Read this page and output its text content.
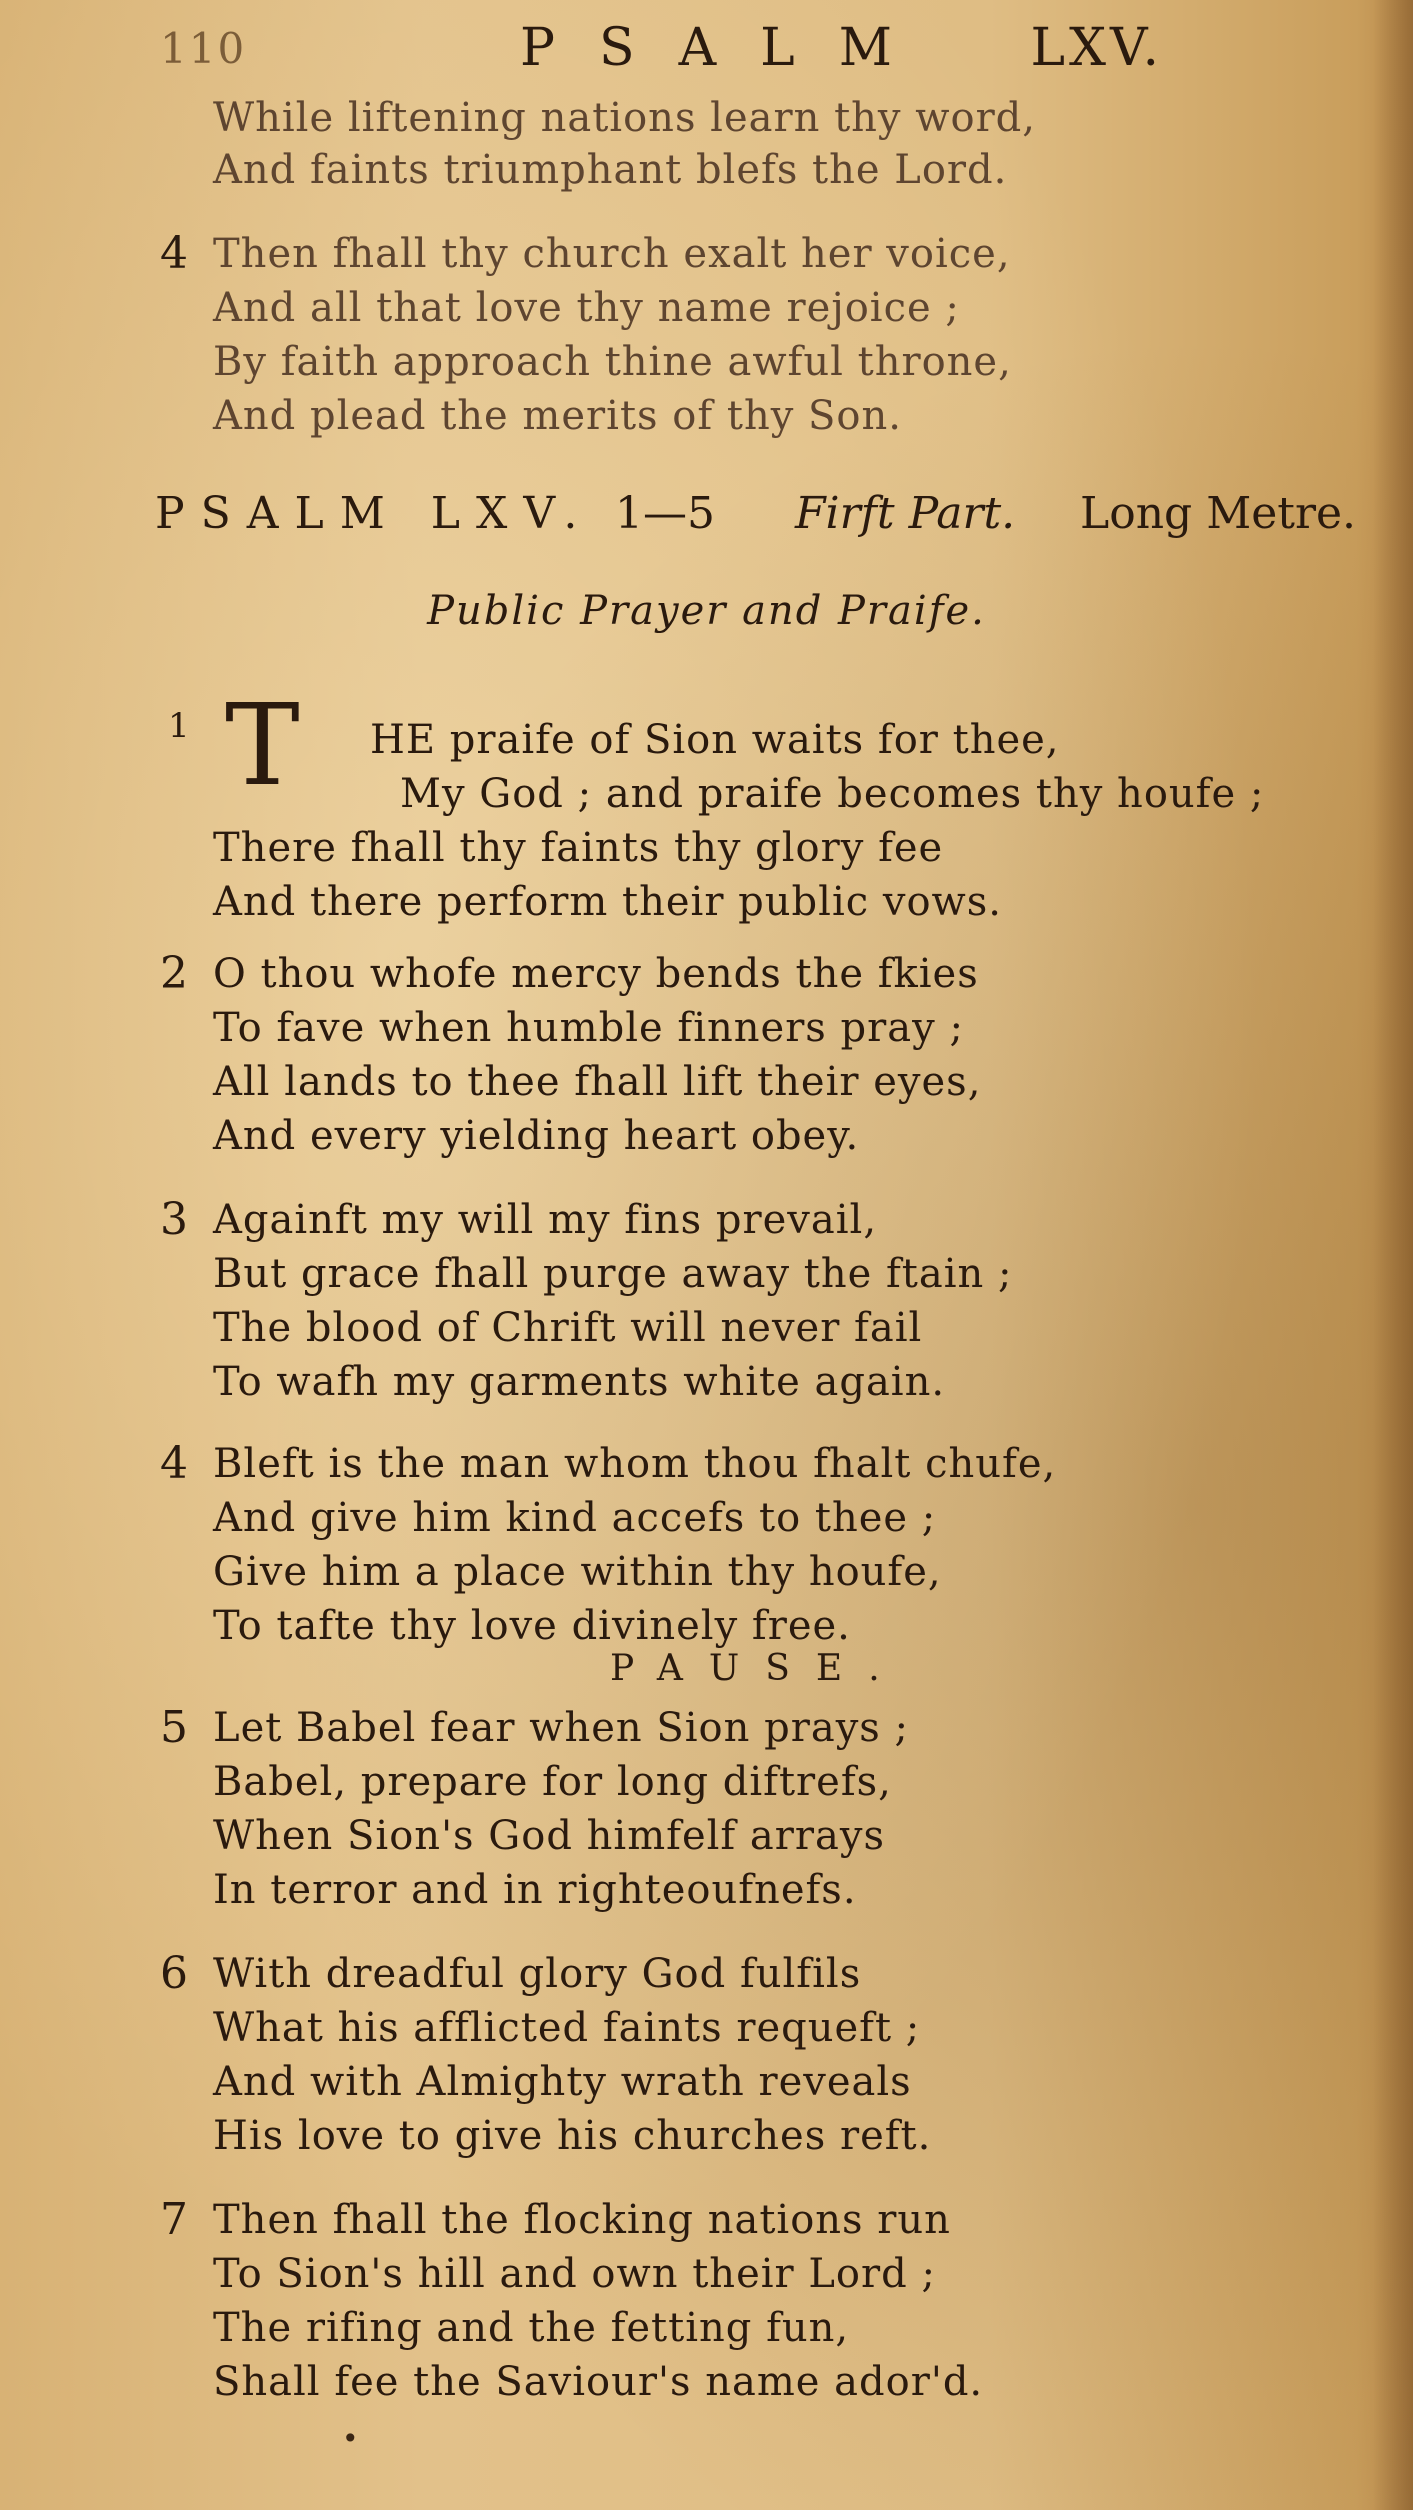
110	PSALM LXV.
While liftening nations learn thy word,
And faints triumphant blefs the Lord.
4 Then fhall thy church exalt her voice,
And all that love thy name rejoice ;
By faith approach thine awful throne,
And plead the merits of thy Son.
PSALM LXV. 1—5 Firft Part. Long Metre.
Public Prayer and Praife.
1 T HE praife of Sion waits for thee,
My God ; and praife becomes thy houfe ;
There fhall thy faints thy glory fee
And there perform their public vows.
2 O thou whofe mercy bends the fkies
To fave when humble finners pray ;
All lands to thee fhall lift their eyes,
And every yielding heart obey.
3 Againft my will my fins prevail,
But grace fhall purge away the ftain ;
The blood of Chrift will never fail
To wafh my garments white again.
4 Bleft is the man whom thou fhalt chufe,
And give him kind accefs to thee ;
Give him a place within thy houfe,
To tafte thy love divinely free.
PAUSE.
5 Let Babel fear when Sion prays ;
Babel, prepare for long diftrefs,
When Sion's God himfelf arrays
In terror and in righteoufnefs.
6 With dreadful glory God fulfils
What his afflicted faints requeft ;
And with Almighty wrath reveals
His love to give his churches reft.
7 Then fhall the flocking nations run
To Sion's hill and own their Lord ;
The rifing and the fetting fun,
Shall fee the Saviour's name ador'd.
•
